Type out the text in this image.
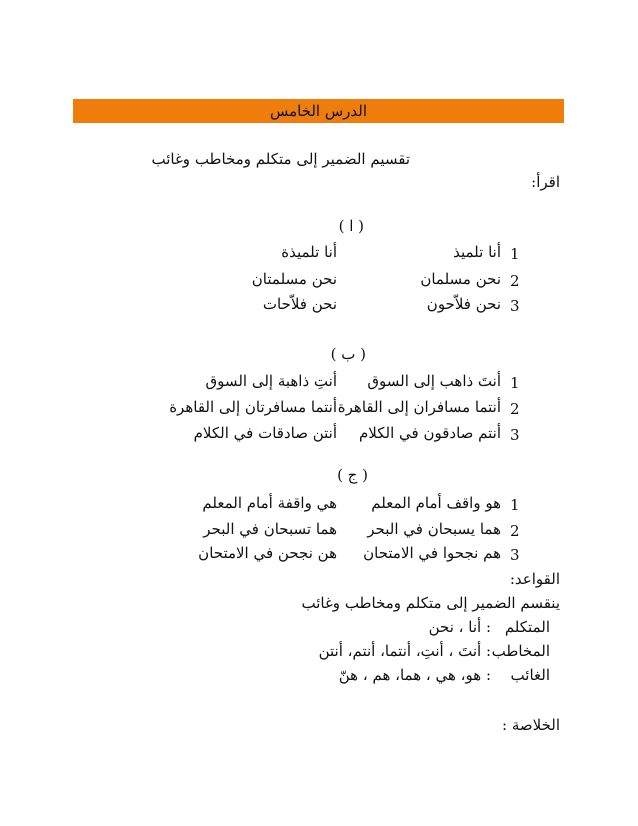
الدرس الخامس
تقسيم الضمير إلى متكلم ومخاطب وغائب
اقرأ:
( ا )
1
أنا تلميذ
أنا تلميذة
2
نحن مسلمان
نحن مسلمتان
3
نحن فلاّحون
نحن فلاّحات
( ب )
1
أنتَ ذاهب إلى السوق
أنتِ ذاهبة إلى السوق
2
أنتما مسافران إلى القاهرة
أنتما مسافرتان إلى القاهرة
3
أنتم صادقون في الكلام
أنتن صادقات في الكلام
( ج )
1
هو واقف أمام المعلم
هي واقفة أمام المعلم
2
هما يسبحان في البحر
هما تسبحان في البحر
3
هم نجحوا في الامتحان
هن نجحن في الامتحان
القواعد:
ينقسم الضمير إلى متكلم ومخاطب وغائب
المتكلم
: أنا ، نحن
المخاطب
: أنتَ ، أنتِ، أنتما، أنتم، أنتن
الغائب
: هو، هي ، هما، هم ، هنّ
الخلاصة :
